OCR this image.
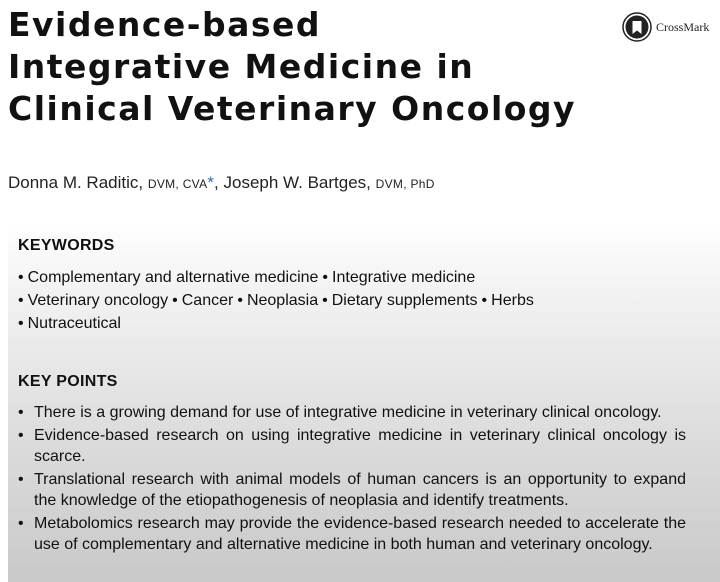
Evidence-based
Integrative Medicine in
Clinical Veterinary Oncology
CrossMark
Donna M. Raditic, DVM, CVA*, Joseph W. Bartges, DVM, PhD
KEYWORDS
• Complementary and alternative medicine • Integrative medicine
• Veterinary oncology • Cancer • Neoplasia • Dietary supplements • Herbs
• Nutraceutical
KEY POINTS
• There is a growing demand for use of integrative medicine in veterinary clinical oncology.
• Evidence-based research on using integrative medicine in veterinary clinical oncology is scarce.
• Translational research with animal models of human cancers is an opportunity to expand the knowledge of the etiopathogenesis of neoplasia and identify treatments.
• Metabolomics research may provide the evidence-based research needed to accelerate the use of complementary and alternative medicine in both human and veterinary oncology.
